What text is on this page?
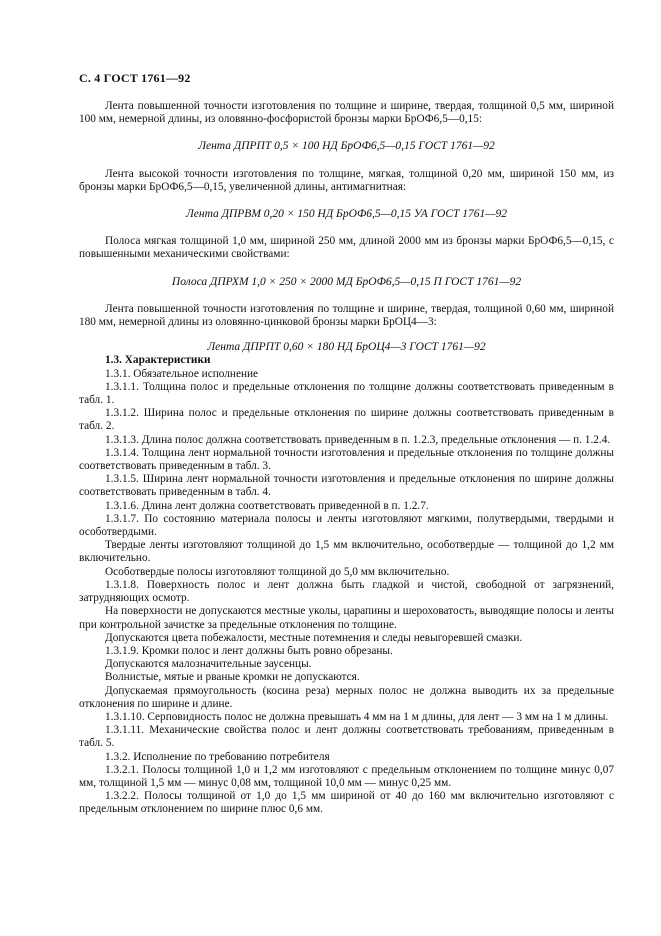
С. 4 ГОСТ 1761—92

Лента повышенной точности изготовления по толщине и ширине, твердая, толщиной 0,5 мм, шириной 100 мм, немерной длины, из оловянно-фосфористой бронзы марки БрОФ6,5—0,15:

Лента ДПРПТ 0,5 × 100 НД БрОФ6,5—0,15 ГОСТ 1761—92

Лента высокой точности изготовления по толщине, мягкая, толщиной 0,20 мм, шириной 150 мм, из бронзы марки БрОФ6,5—0,15, увеличенной длины, антимагнитная:

Лента ДПРВМ 0,20 × 150 НД БрОФ6,5—0,15 УА ГОСТ 1761—92

Полоса мягкая толщиной 1,0 мм, шириной 250 мм, длиной 2000 мм из бронзы марки БрОФ6,5—0,15, с повышенными механическими свойствами:

Полоса ДПРХМ 1,0 × 250 × 2000 МД БрОФ6,5—0,15 П ГОСТ 1761—92

Лента повышенной точности изготовления по толщине и ширине, твердая, толщиной 0,60 мм, шириной 180 мм, немерной длины из оловянно-цинковой бронзы марки БрОЦ4—3:

Лента ДПРПТ 0,60 × 180 НД БрОЦ4—3 ГОСТ 1761—92

1.3. Характеристики

1.3.1. Обязательное исполнение

1.3.1.1. Толщина полос и предельные отклонения по толщине должны соответствовать приведенным в табл. 1.

1.3.1.2. Ширина полос и предельные отклонения по ширине должны соответствовать приведенным в табл. 2.

1.3.1.3. Длина полос должна соответствовать приведенным в п. 1.2.3, предельные отклонения — п. 1.2.4.

1.3.1.4. Толщина лент нормальной точности изготовления и предельные отклонения по толщине должны соответствовать приведенным в табл. 3.

1.3.1.5. Ширина лент нормальной точности изготовления и предельные отклонения по ширине должны соответствовать приведенным в табл. 4.

1.3.1.6. Длина лент должна соответствовать приведенной в п. 1.2.7.

1.3.1.7. По состоянию материала полосы и ленты изготовляют мягкими, полутвердыми, твердыми и особотвердыми.

Твердые ленты изготовляют толщиной до 1,5 мм включительно, особотвердые — толщиной до 1,2 мм включительно.

Особотвердые полосы изготовляют толщиной до 5,0 мм включительно.

1.3.1.8. Поверхность полос и лент должна быть гладкой и чистой, свободной от загрязнений, затрудняющих осмотр.

На поверхности не допускаются местные уколы, царапины и шероховатость, выводящие полосы и ленты при контрольной зачистке за предельные отклонения по толщине.

Допускаются цвета побежалости, местные потемнения и следы невыгоревшей смазки.

1.3.1.9. Кромки полос и лент должны быть ровно обрезаны.

Допускаются малозначительные заусенцы.

Волнистые, мятые и рваные кромки не допускаются.

Допускаемая прямоугольность (косина реза) мерных полос не должна выводить их за предельные отклонения по ширине и длине.

1.3.1.10. Серповидность полос не должна превышать 4 мм на 1 м длины, для лент — 3 мм на 1 м длины.

1.3.1.11. Механические свойства полос и лент должны соответствовать требованиям, приведенным в табл. 5.

1.3.2. Исполнение по требованию потребителя

1.3.2.1. Полосы толщиной 1,0 и 1,2 мм изготовляют с предельным отклонением по толщине минус 0,07 мм, толщиной 1,5 мм — минус 0,08 мм, толщиной 10,0 мм — минус 0,25 мм.

1.3.2.2. Полосы толщиной от 1,0 до 1,5 мм шириной от 40 до 160 мм включительно изготовляют с предельным отклонением по ширине плюс 0,6 мм.
